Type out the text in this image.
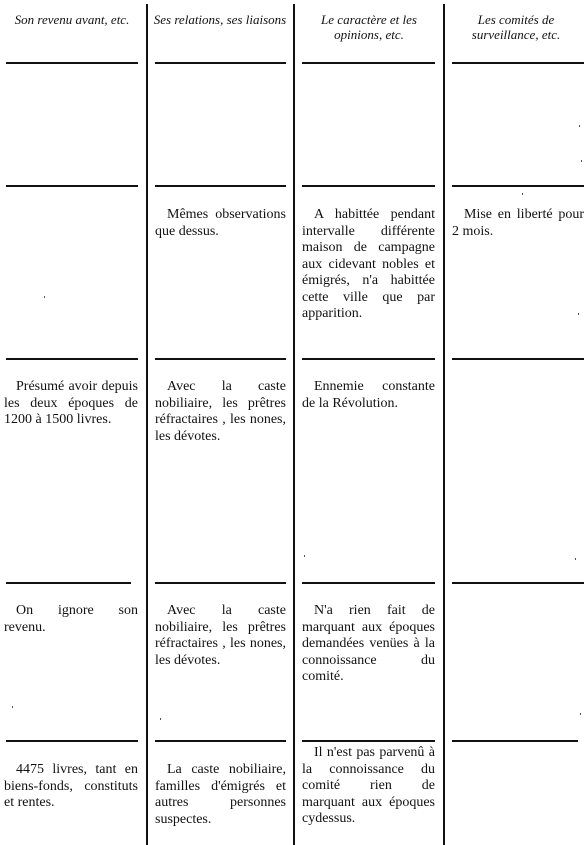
Son revenu avant, etc.	Ses relations, ses liaisons	Le caractère et les opinions, etc.
Les comités de surveillance, etc.
Mêmes observations que dessus.
A habittée pendant intervalle différente maison de campagne aux cidevant nobles et émigrés, n'a habittée cette ville que par apparition.
Mise en liberté pour 2 mois.
Présumé avoir depuis les deux époques de 1200 à 1500 livres.
Avec la caste nobiliaire, les prêtres réfractaires , les nones, les dévotes.
Ennemie constante de la Révolution.
On ignore son revenu.
Avec la caste nobiliaire, les prêtres réfractaires , les nones, les dévotes.
N'a rien fait de marquant aux époques demandées venües à la connoissance du comité.
4475 livres, tant en biens-fonds, constituts et rentes.
La caste nobiliaire, familles d'émigrés et autres personnes suspectes.
Il n'est pas parvenû à la connoissance du comité rien de marquant aux époques cydessus.
